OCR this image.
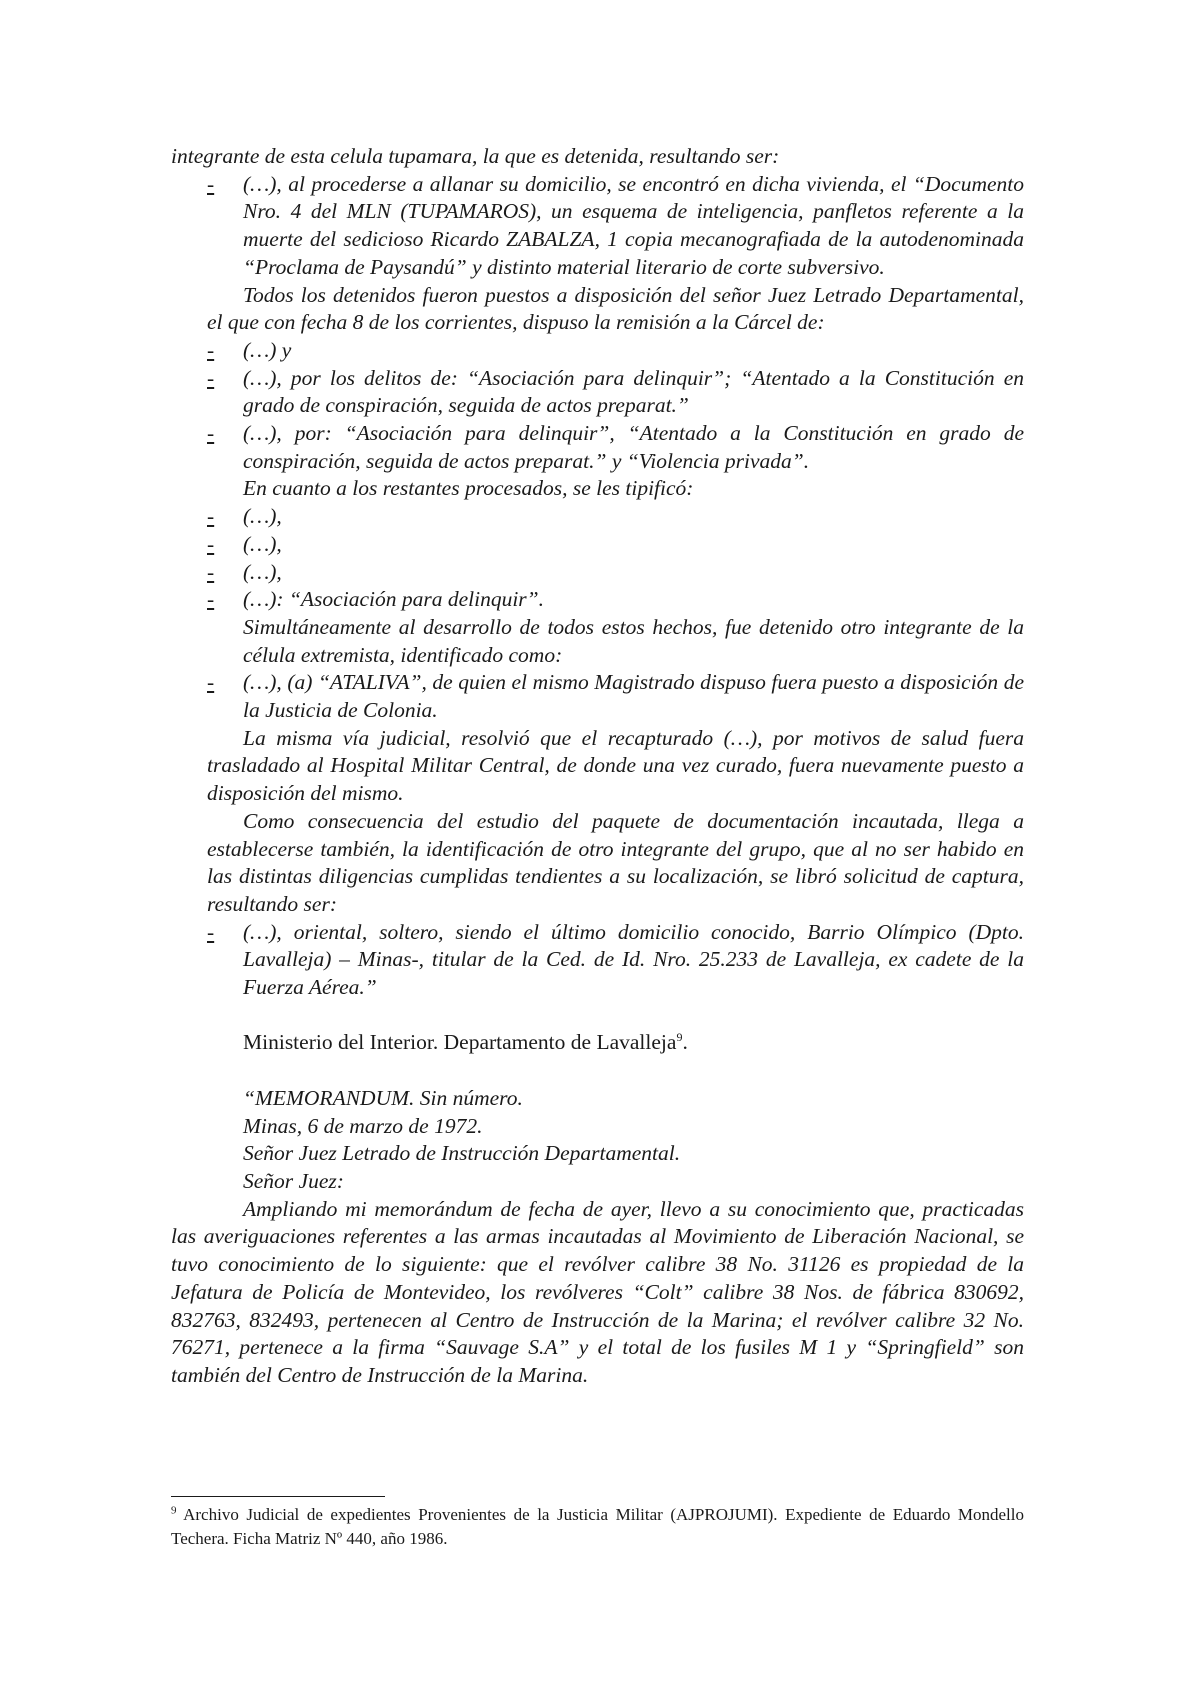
integrante de esta celula tupamara, la que es detenida, resultando ser:

- (…), al procederse a allanar su domicilio, se encontró en dicha vivienda, el “Documento Nro. 4 del MLN (TUPAMAROS), un esquema de inteligencia, panfletos referente a la muerte del sedicioso Ricardo ZABALZA, 1 copia mecanografiada de la autodenominada “Proclama de Paysandú” y distinto material literario de corte subversivo.

Todos los detenidos fueron puestos a disposición del señor Juez Letrado Departamental, el que con fecha 8 de los corrientes, dispuso la remisión a la Cárcel de:

- (…) y

- (…), por los delitos de: “Asociación para delinquir”; “Atentado a la Constitución en grado de conspiración, seguida de actos preparat.”

- (…), por: “Asociación para delinquir”, “Atentado a la Constitución en grado de conspiración, seguida de actos preparat.” y “Violencia privada”.

En cuanto a los restantes procesados, se les tipificó:

- (…),

- (…),

- (…),

- (…): “Asociación para delinquir”.

Simultáneamente al desarrollo de todos estos hechos, fue detenido otro integrante de la célula extremista, identificado como:

- (…), (a) “ATALIVA”, de quien el mismo Magistrado dispuso fuera puesto a disposición de la Justicia de Colonia.

La misma vía judicial, resolvió que el recapturado (…), por motivos de salud fuera trasladado al Hospital Militar Central, de donde una vez curado, fuera nuevamente puesto a disposición del mismo.

Como consecuencia del estudio del paquete de documentación incautada, llega a establecerse también, la identificación de otro integrante del grupo, que al no ser habido en las distintas diligencias cumplidas tendientes a su localización, se libró solicitud de captura, resultando ser:

- (…), oriental, soltero, siendo el último domicilio conocido, Barrio Olímpico (Dpto. Lavalleja) – Minas-, titular de la Ced. de Id. Nro. 25.233 de Lavalleja, ex cadete de la Fuerza Aérea.”

Ministerio del Interior. Departamento de Lavalleja$^9$.

“MEMORANDUM. Sin número.

Minas, 6 de marzo de 1972.

Señor Juez Letrado de Instrucción Departamental.

Señor Juez:

Ampliando mi memorándum de fecha de ayer, llevo a su conocimiento que, practicadas las averiguaciones referentes a las armas incautadas al Movimiento de Liberación Nacional, se tuvo conocimiento de lo siguiente: que el revólver calibre 38 No. 31126 es propiedad de la Jefatura de Policía de Montevideo, los revólveres “Colt” calibre 38 Nos. de fábrica 830692, 832763, 832493, pertenecen al Centro de Instrucción de la Marina; el revólver calibre 32 No. 76271, pertenece a la firma “Sauvage S.A” y el total de los fusiles M 1 y “Springfield” son también del Centro de Instrucción de la Marina.

$^9$ Archivo Judicial de expedientes Provenientes de la Justicia Militar (AJPROJUMI). Expediente de Eduardo Mondello Techera. Ficha Matriz Nº 440, año 1986.
